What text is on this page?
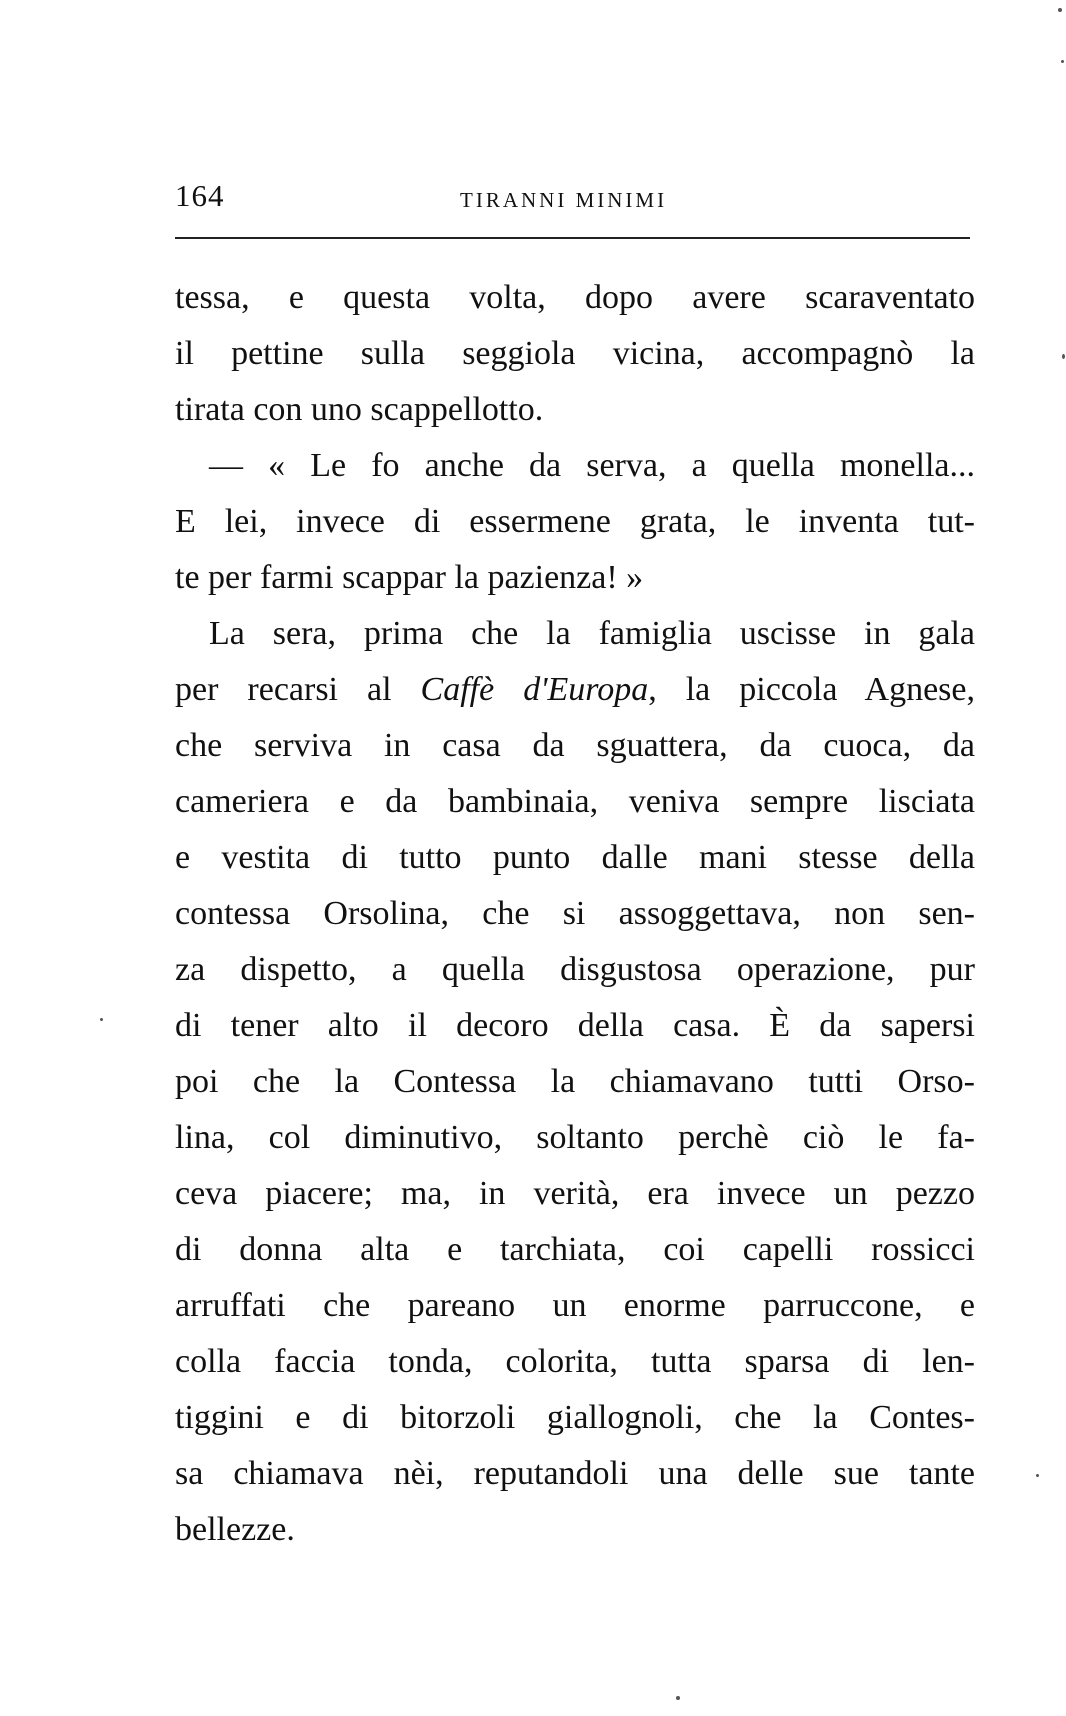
164	TIRANNI MINIMI
tessa, e questa volta, dopo avere scaraventato
il pettine sulla seggiola vicina, accompagnò la
tirata con uno scappellotto.
— « Le fo anche da serva, a quella monella...
E lei, invece di essermene grata, le inventa tut-
te per farmi scappar la pazienza! »
La sera, prima che la famiglia uscisse in gala
per recarsi al Caffè d'Europa, la piccola Agnese,
che serviva in casa da sguattera, da cuoca, da
cameriera e da bambinaia, veniva sempre lisciata
e vestita di tutto punto dalle mani stesse della
contessa Orsolina, che si assoggettava, non sen-
za dispetto, a quella disgustosa operazione, pur
di tener alto il decoro della casa. È da sapersi
poi che la Contessa la chiamavano tutti Orso-
lina, col diminutivo, soltanto perchè ciò le fa-
ceva piacere; ma, in verità, era invece un pezzo
di donna alta e tarchiata, coi capelli rossicci
arruffati che pareano un enorme parruccone, e
colla faccia tonda, colorita, tutta sparsa di len-
tiggini e di bitorzoli giallognoli, che la Contes-
sa chiamava nèi, reputandoli una delle sue tante
bellezze.
